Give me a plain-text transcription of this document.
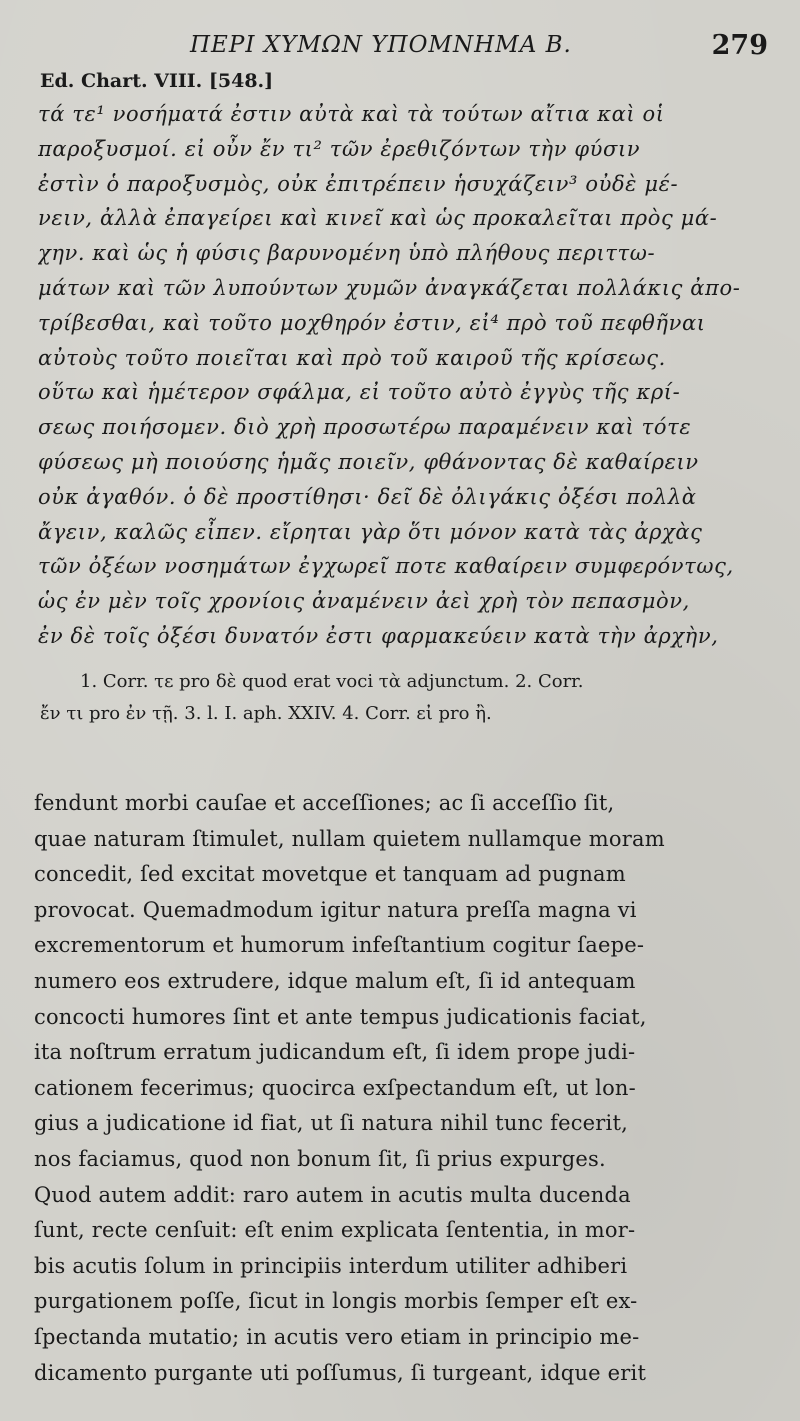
ΠΕΡΙ ΧΥΜΩΝ ΥΠΟΜΝΗΜΑ Β.	279
Ed. Chart. VIII. [548.]
τά τε¹ νοσήματά ἐστιν αὐτὰ καὶ τὰ τούτων αἴτια καὶ οἱ
παροξυσμοί. εἰ οὖν ἔν τι² τῶν ἐρεθιζόντων τὴν φύσιν
ἐστὶν ὁ παροξυσμὸς, οὐκ ἐπιτρέπειν ἡσυχάζειν³ οὐδὲ μέ-
νειν, ἀλλὰ ἐπαγείρει καὶ κινεῖ καὶ ὡς προκαλεῖται πρὸς μά-
χην. καὶ ὡς ἡ φύσις βαρυνομένη ὑπὸ πλήθους περιττω-
μάτων καὶ τῶν λυπούντων χυμῶν ἀναγκάζεται πολλάκις ἀπο-
τρίβεσθαι, καὶ τοῦτο μοχθηρόν ἐστιν, εἰ⁴ πρὸ τοῦ πεφθῆναι
αὐτοὺς τοῦτο ποιεῖται καὶ πρὸ τοῦ καιροῦ τῆς κρίσεως.
οὕτω καὶ ἡμέτερον σφάλμα, εἰ τοῦτο αὐτὸ ἐγγὺς τῆς κρί-
σεως ποιήσομεν. διὸ χρὴ προσωτέρω παραμένειν καὶ τότε
φύσεως μὴ ποιούσης ἡμᾶς ποιεῖν, φθάνοντας δὲ καθαίρειν
οὐκ ἀγαθόν. ὁ δὲ προστίθησι· δεῖ δὲ ὀλιγάκις ὀξέσι πολλὰ
ἄγειν, καλῶς εἶπεν. εἴρηται γὰρ ὅτι μόνον κατὰ τὰς ἀρχὰς
τῶν ὀξέων νοσημάτων ἐγχωρεῖ ποτε καθαίρειν συμφερόντως,
ὡς ἐν μὲν τοῖς χρονίοις ἀναμένειν ἀεὶ χρὴ τὸν πεπασμὸν,
ἐν δὲ τοῖς ὀξέσι δυνατόν ἐστι φαρμακεύειν κατὰ τὴν ἀρχὴν,
1. Corr. τε pro δὲ quod erat voci τὰ adjunctum. 2. Corr.
ἔν τι pro ἐν τῇ. 3. l. I. aph. XXIV. 4. Corr. εἰ pro ἢ.
fendunt morbi cauſae et acceſſiones; ac ſi acceſſio ſit,
quae naturam ſtimulet, nullam quietem nullamque moram
concedit, ſed excitat movetque et tanquam ad pugnam
provocat. Quemadmodum igitur natura preſſa magna vi
excrementorum et humorum infeſtantium cogitur ſaepe-
numero eos extrudere, idque malum eſt, ſi id antequam
concocti humores ſint et ante tempus judicationis faciat,
ita noſtrum erratum judicandum eſt, ſi idem prope judi-
cationem fecerimus; quocirca exſpectandum eſt, ut lon-
gius a judicatione id fiat, ut ſi natura nihil tunc fecerit,
nos faciamus, quod non bonum ſit, ſi prius expurges.
Quod autem addit: raro autem in acutis multa ducenda
ſunt, recte cenſuit: eſt enim explicata ſententia, in mor-
bis acutis ſolum in principiis interdum utiliter adhiberi
purgationem poſſe, ſicut in longis morbis ſemper eſt ex-
ſpectanda mutatio; in acutis vero etiam in principio me-
dicamento purgante uti poſſumus, ſi turgeant, idque erit
